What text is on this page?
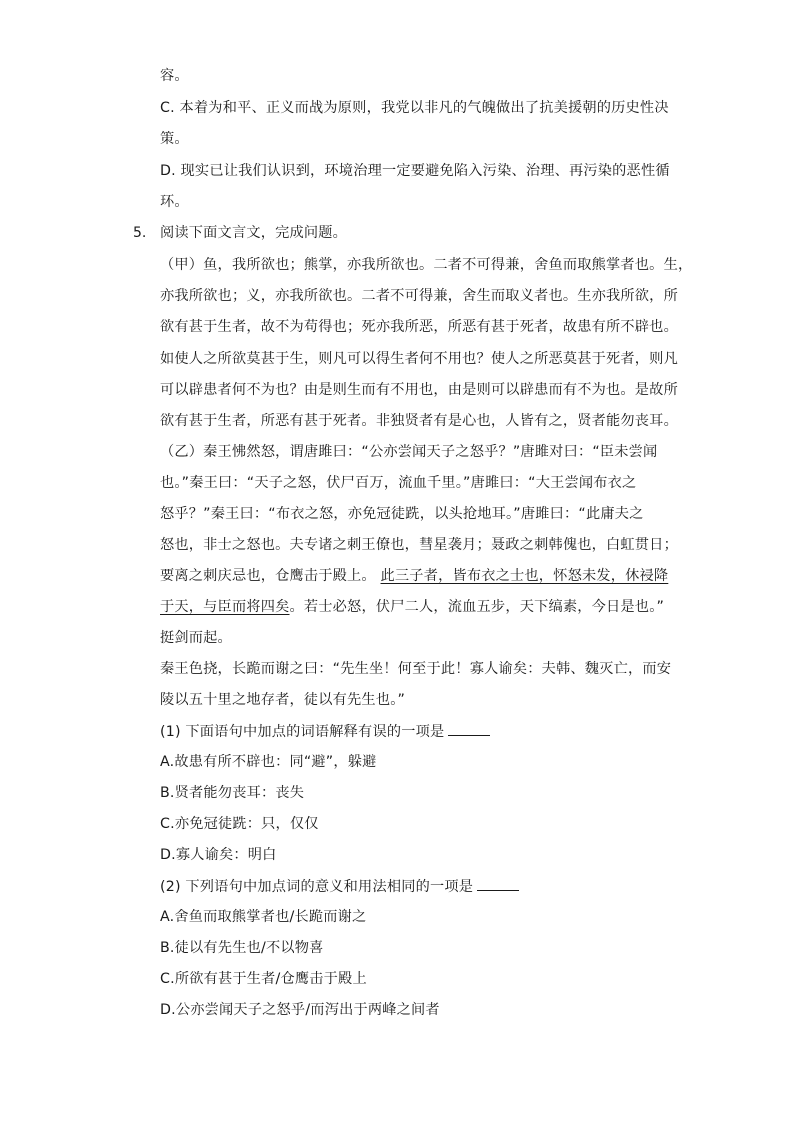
容。
C. 本着为和平、正义而战为原则，我党以非凡的气魄做出了抗美援朝的历史性决
策。
D. 现实已让我们认识到，环境治理一定要避免陷入污染、治理、再污染的恶性循
环。
5. 阅读下面文言文，完成问题。
（甲）鱼，我所欲也；熊掌，亦我所欲也。二者不可得兼，舍鱼而取熊掌者也。生，
亦我所欲也；义，亦我所欲也。二者不可得兼，舍生而取义者也。生亦我所欲，所
欲有甚于生者，故不为苟得也；死亦我所恶，所恶有甚于死者，故患有所不辟也。
如使人之所欲莫甚于生，则凡可以得生者何不用也？使人之所恶莫甚于死者，则凡
可以辟患者何不为也？由是则生而有不用也，由是则可以辟患而有不为也。是故所
欲有甚于生者，所恶有甚于死者。非独贤者有是心也，人皆有之，贤者能勿丧耳。
（乙）秦王怫然怒，谓唐雎曰：“公亦尝闻天子之怒乎？”唐雎对曰：“臣未尝闻
也。”秦王曰：“天子之怒，伏尸百万，流血千里。”唐雎曰：“大王尝闻布衣之
怒乎？”秦王曰：“布衣之怒，亦免冠徒跣，以头抢地耳。”唐雎曰：“此庸夫之
怒也，非士之怒也。夫专诸之刺王僚也，彗星袭月；聂政之刺韩傀也，白虹贯日；
要离之刺庆忌也，仓鹰击于殿上。 此三子者，皆布衣之士也，怀怒未发，休祲降
于天，与臣而将四矣。若士必怒，伏尸二人，流血五步，天下缟素，今日是也。”
挺剑而起。
秦王色挠，长跪而谢之曰：“先生坐！何至于此！寡人谕矣：夫韩、魏灭亡，而安
陵以五十里之地存者，徒以有先生也。”
(1) 下面语句中加点的词语解释有误的一项是
A.故患有所不辟也：同“避”，躲避
B.贤者能勿丧耳：丧失
C.亦免冠徒跣：只，仅仅
D.寡人谕矣：明白
(2) 下列语句中加点词的意义和用法相同的一项是
A.舍鱼而取熊掌者也/长跪而谢之
B.徒以有先生也/不以物喜
C.所欲有甚于生者/仓鹰击于殿上
D.公亦尝闻天子之怒乎/而泻出于两峰之间者
